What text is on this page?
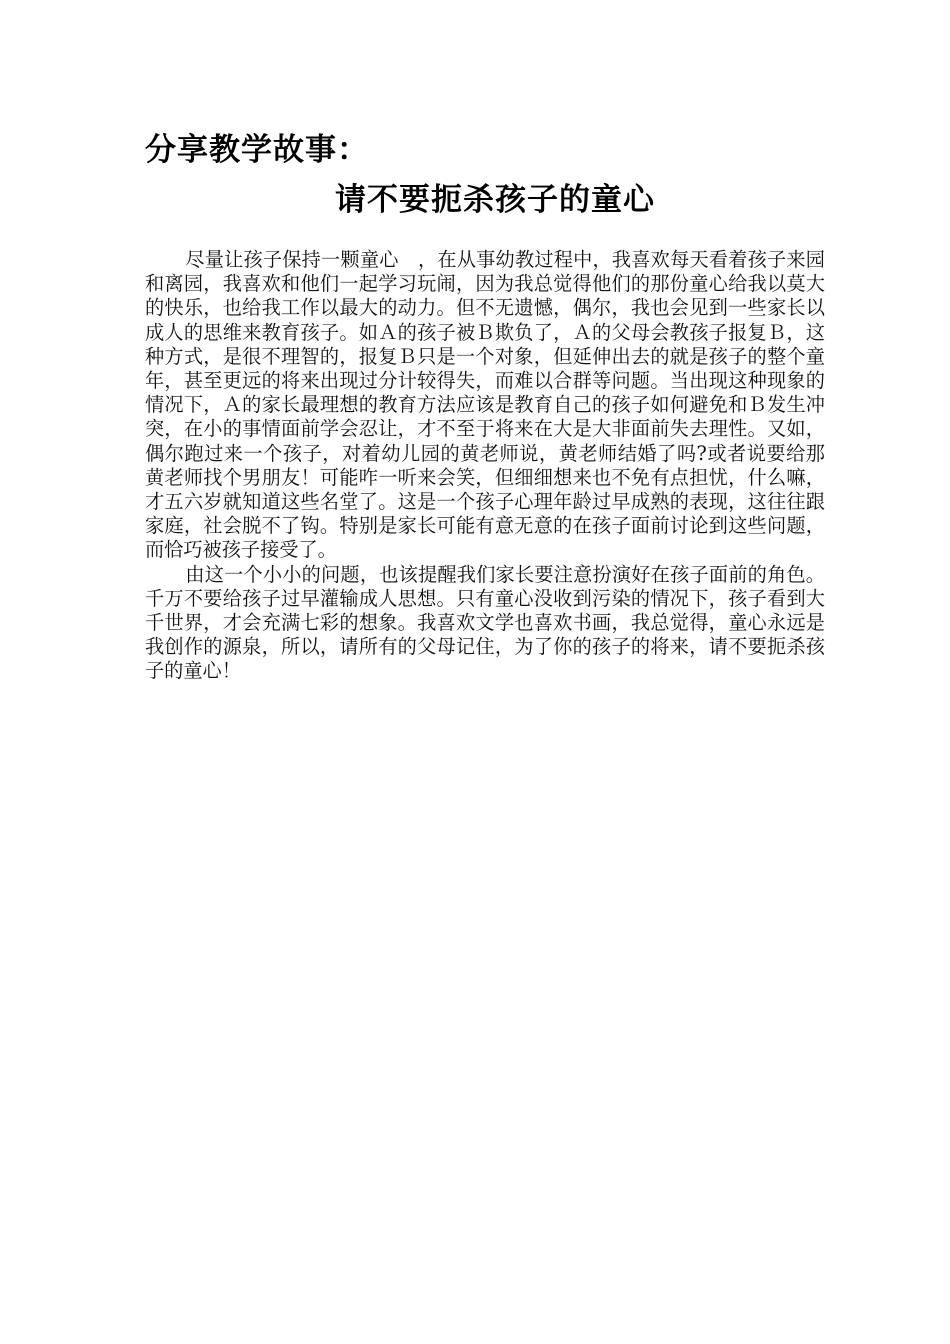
分享教学故事：
请不要扼杀孩子的童心

尽量让孩子保持一颗童心　，在从事幼教过程中，我喜欢每天看着孩子来园和离园，我喜欢和他们一起学习玩闹，因为我总觉得他们的那份童心给我以莫大的快乐，也给我工作以最大的动力。但不无遗憾，偶尔，我也会见到一些家长以成人的思维来教育孩子。如Ａ的孩子被Ｂ欺负了，Ａ的父母会教孩子报复Ｂ，这种方式，是很不理智的，报复Ｂ只是一个对象，但延伸出去的就是孩子的整个童年，甚至更远的将来出现过分计较得失，而难以合群等问题。当出现这种现象的情况下，Ａ的家长最理想的教育方法应该是教育自己的孩子如何避免和Ｂ发生冲突，在小的事情面前学会忍让，才不至于将来在大是大非面前失去理性。又如，偶尔跑过来一个孩子，对着幼儿园的黄老师说，黄老师结婚了吗?或者说要给那黄老师找个男朋友！可能咋一听来会笑，但细细想来也不免有点担忧，什么嘛，才五六岁就知道这些名堂了。这是一个孩子心理年龄过早成熟的表现，这往往跟家庭，社会脱不了钩。特别是家长可能有意无意的在孩子面前讨论到这些问题，而恰巧被孩子接受了。

由这一个小小的问题，也该提醒我们家长要注意扮演好在孩子面前的角色。千万不要给孩子过早灌输成人思想。只有童心没收到污染的情况下，孩子看到大千世界，才会充满七彩的想象。我喜欢文学也喜欢书画，我总觉得，童心永远是我创作的源泉，所以，请所有的父母记住，为了你的孩子的将来，请不要扼杀孩子的童心！
